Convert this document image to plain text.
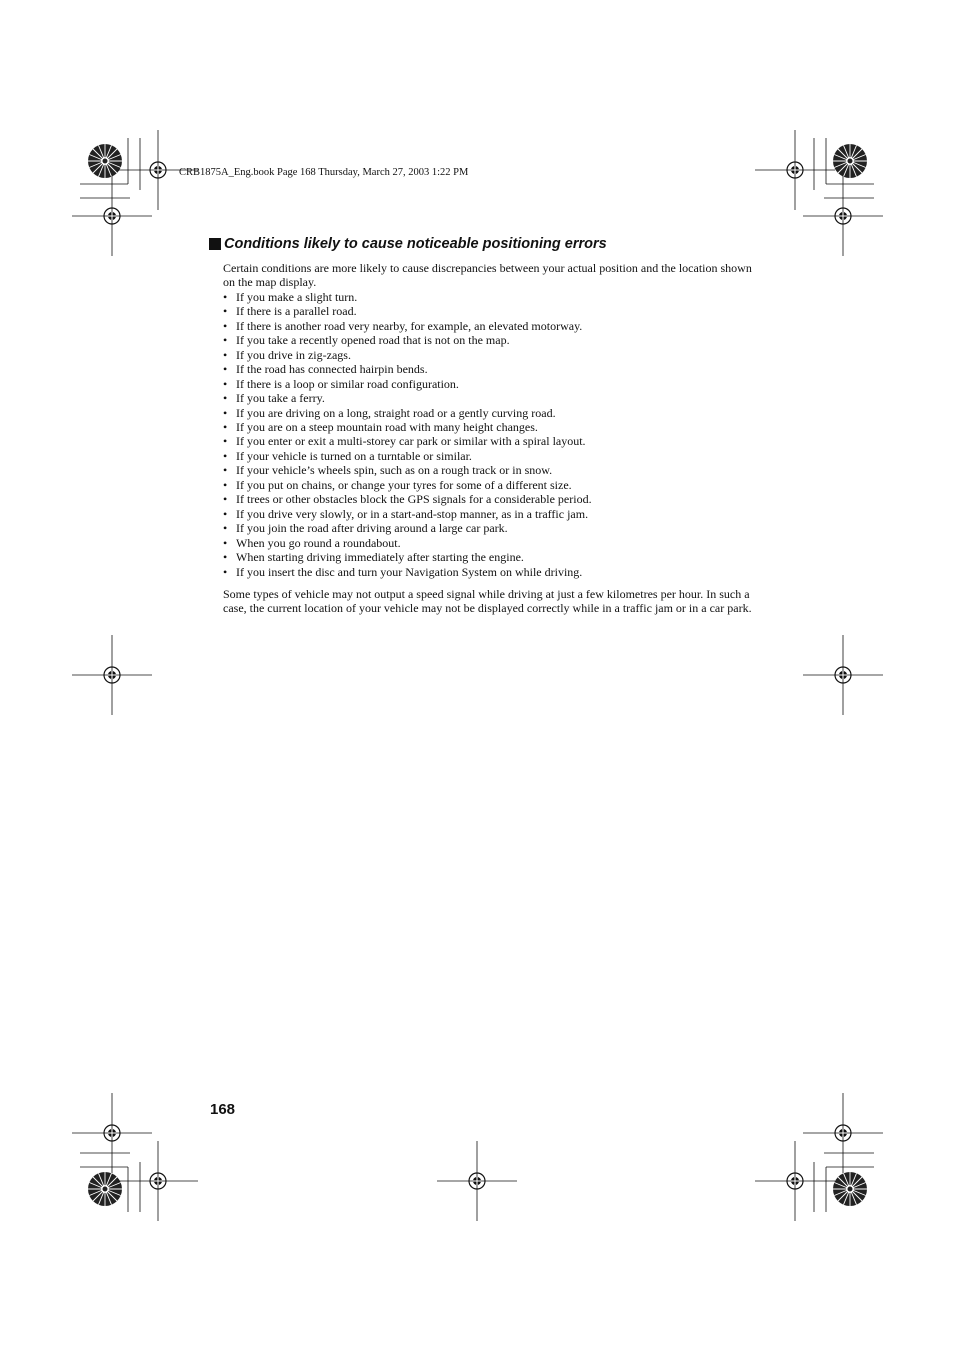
CRB1875A_Eng.book Page 168 Thursday, March 27, 2003 1:22 PM
Conditions likely to cause noticeable positioning errors

Certain conditions are more likely to cause discrepancies between your actual position and the location shown on the map display.

• If you make a slight turn.
• If there is a parallel road.
• If there is another road very nearby, for example, an elevated motorway.
• If you take a recently opened road that is not on the map.
• If you drive in zig-zags.
• If the road has connected hairpin bends.
• If there is a loop or similar road configuration.
• If you take a ferry.
• If you are driving on a long, straight road or a gently curving road.
• If you are on a steep mountain road with many height changes.
• If you enter or exit a multi-storey car park or similar with a spiral layout.
• If your vehicle is turned on a turntable or similar.
• If your vehicle’s wheels spin, such as on a rough track or in snow.
• If you put on chains, or change your tyres for some of a different size.
• If trees or other obstacles block the GPS signals for a considerable period.
• If you drive very slowly, or in a start-and-stop manner, as in a traffic jam.
• If you join the road after driving around a large car park.
• When you go round a roundabout.
• When starting driving immediately after starting the engine.
• If you insert the disc and turn your Navigation System on while driving.

Some types of vehicle may not output a speed signal while driving at just a few kilometres per hour. In such a case, the current location of your vehicle may not be displayed correctly while in a traffic jam or in a car park.

168
